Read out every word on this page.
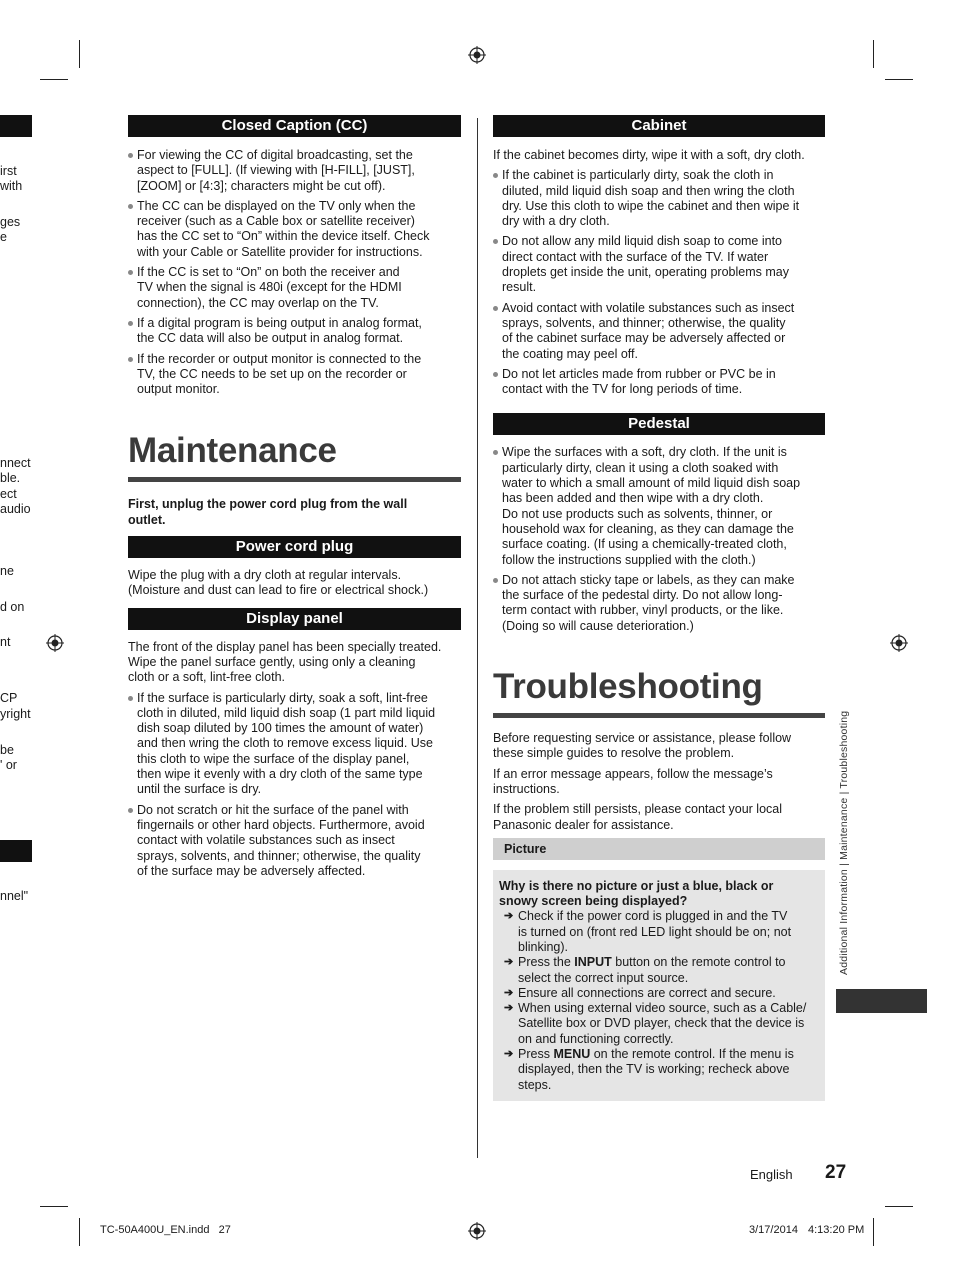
irst
with
ges
e
nnect
ble.
ect
audio
ne
d on
nt
CP
yright
be
' or
nnel"
Closed Caption (CC)
For viewing the CC of digital broadcasting, set the
aspect to [FULL]. (If viewing with [H-FILL], [JUST],
[ZOOM] or [4:3]; characters might be cut off).
The CC can be displayed on the TV only when the
receiver (such as a Cable box or satellite receiver)
has the CC set to “On” within the device itself. Check
with your Cable or Satellite provider for instructions.
If the CC is set to “On” on both the receiver and
TV when the signal is 480i (except for the HDMI
connection), the CC may overlap on the TV.
If a digital program is being output in analog format,
the CC data will also be output in analog format.
If the recorder or output monitor is connected to the
TV, the CC needs to be set up on the recorder or
output monitor.
Maintenance
First, unplug the power cord plug from the wall
outlet.
Power cord plug
Wipe the plug with a dry cloth at regular intervals.
(Moisture and dust can lead to fire or electrical shock.)
Display panel
The front of the display panel has been specially treated.
Wipe the panel surface gently, using only a cleaning
cloth or a soft, lint-free cloth.
If the surface is particularly dirty, soak a soft, lint-free
cloth in diluted, mild liquid dish soap (1 part mild liquid
dish soap diluted by 100 times the amount of water)
and then wring the cloth to remove excess liquid. Use
this cloth to wipe the surface of the display panel,
then wipe it evenly with a dry cloth of the same type
until the surface is dry.
Do not scratch or hit the surface of the panel with
fingernails or other hard objects. Furthermore, avoid
contact with volatile substances such as insect
sprays, solvents, and thinner; otherwise, the quality
of the surface may be adversely affected.
Cabinet
If the cabinet becomes dirty, wipe it with a soft, dry cloth.
If the cabinet is particularly dirty, soak the cloth in
diluted, mild liquid dish soap and then wring the cloth
dry. Use this cloth to wipe the cabinet and then wipe it
dry with a dry cloth.
Do not allow any mild liquid dish soap to come into
direct contact with the surface of the TV. If water
droplets get inside the unit, operating problems may
result.
Avoid contact with volatile substances such as insect
sprays, solvents, and thinner; otherwise, the quality
of the cabinet surface may be adversely affected or
the coating may peel off.
Do not let articles made from rubber or PVC be in
contact with the TV for long periods of time.
Pedestal
Wipe the surfaces with a soft, dry cloth. If the unit is
particularly dirty, clean it using a cloth soaked with
water to which a small amount of mild liquid dish soap
has been added and then wipe with a dry cloth.
Do not use products such as solvents, thinner, or
household wax for cleaning, as they can damage the
surface coating. (If using a chemically-treated cloth,
follow the instructions supplied with the cloth.)
Do not attach sticky tape or labels, as they can make
the surface of the pedestal dirty. Do not allow long-
term contact with rubber, vinyl products, or the like.
(Doing so will cause deterioration.)
Troubleshooting
Before requesting service or assistance, please follow
these simple guides to resolve the problem.
If an error message appears, follow the message’s
instructions.
If the problem still persists, please contact your local
Panasonic dealer for assistance.
Picture
Why is there no picture or just a blue, black or
snowy screen being displayed?
➔ Check if the power cord is plugged in and the TV
is turned on (front red LED light should be on; not
blinking).
➔ Press the INPUT button on the remote control to
select the correct input source.
➔ Ensure all connections are correct and secure.
➔ When using external video source, such as a Cable/
Satellite box or DVD player, check that the device is
on and functioning correctly.
➔ Press MENU on the remote control. If the menu is
displayed, then the TV is working; recheck above
steps.
Additional Information | Maintenance | Troubleshooting
English 27
TC-50A400U_EN.indd   27	3/17/2014 4:13:20 PM
